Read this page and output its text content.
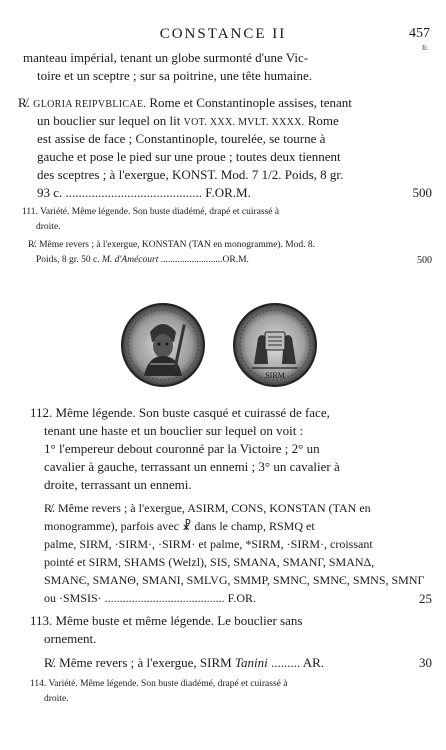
CONSTANCE II	457
fr.
manteau impérial, tenant un globe surmonté d'une Vic-
toire et un sceptre ; sur sa poitrine, une tête humaine.
R̸. GLORIA REIPVBLICAE. Rome et Constantinople assises, tenant
un bouclier sur lequel on lit VOT. XXX. MVLT. XXXX. Rome
est assise de face ; Constantinople, tourelée, se tourne à
gauche et pose le pied sur une proue ; toutes deux tiennent
des sceptres ; à l'exergue, KONST. Mod. 7 1/2. Poids, 8 gr.
93 c. .......................................... F.OR.M.	500
111. Variété. Même légende. Son buste diadémé, drapé et cuirassé à
droite.
R̸. Même revers ; à l'exergue, KONSTAN (TAN en monogramme). Mod. 8.
Poids, 8 gr. 50 c. M. d'Amécourt ..........................OR.M.	500
SIRM
112. Même légende. Son buste casqué et cuirassé de face,
tenant une haste et un bouclier sur lequel on voit :
1° l'empereur debout couronné par la Victoire ; 2° un
cavalier à gauche, terrassant un ennemi ; 3° un cavalier à
droite, terrassant un ennemi.
R̸. Même revers ; à l'exergue, ASIRM, CONS, KONSTAN (TAN en
monogramme), parfois avec ☧ dans le champ, RSMQ et
palme, SIRM, ·SIRM·, ·SIRM· et palme, *SIRM, ·SIRM·, croissant
pointé et SIRM, SHAMS (Welzl), SIS, SMANA, SMANΓ, SMANΔ,
SMANЄ, SMANΘ, SMANI, SMLVG, SMMP, SMNC, SMNЄ, SMNS, SMNΓ
ou ·SMSIS· ........................................ F.OR.	25
113. Même buste et même légende. Le bouclier sans
ornement.
R̸. Même revers ; à l'exergue, SIRM Tanini ......... AR.	30
114. Variété. Même légende. Son buste diadémé, drapé et cuirassé à
droite.
